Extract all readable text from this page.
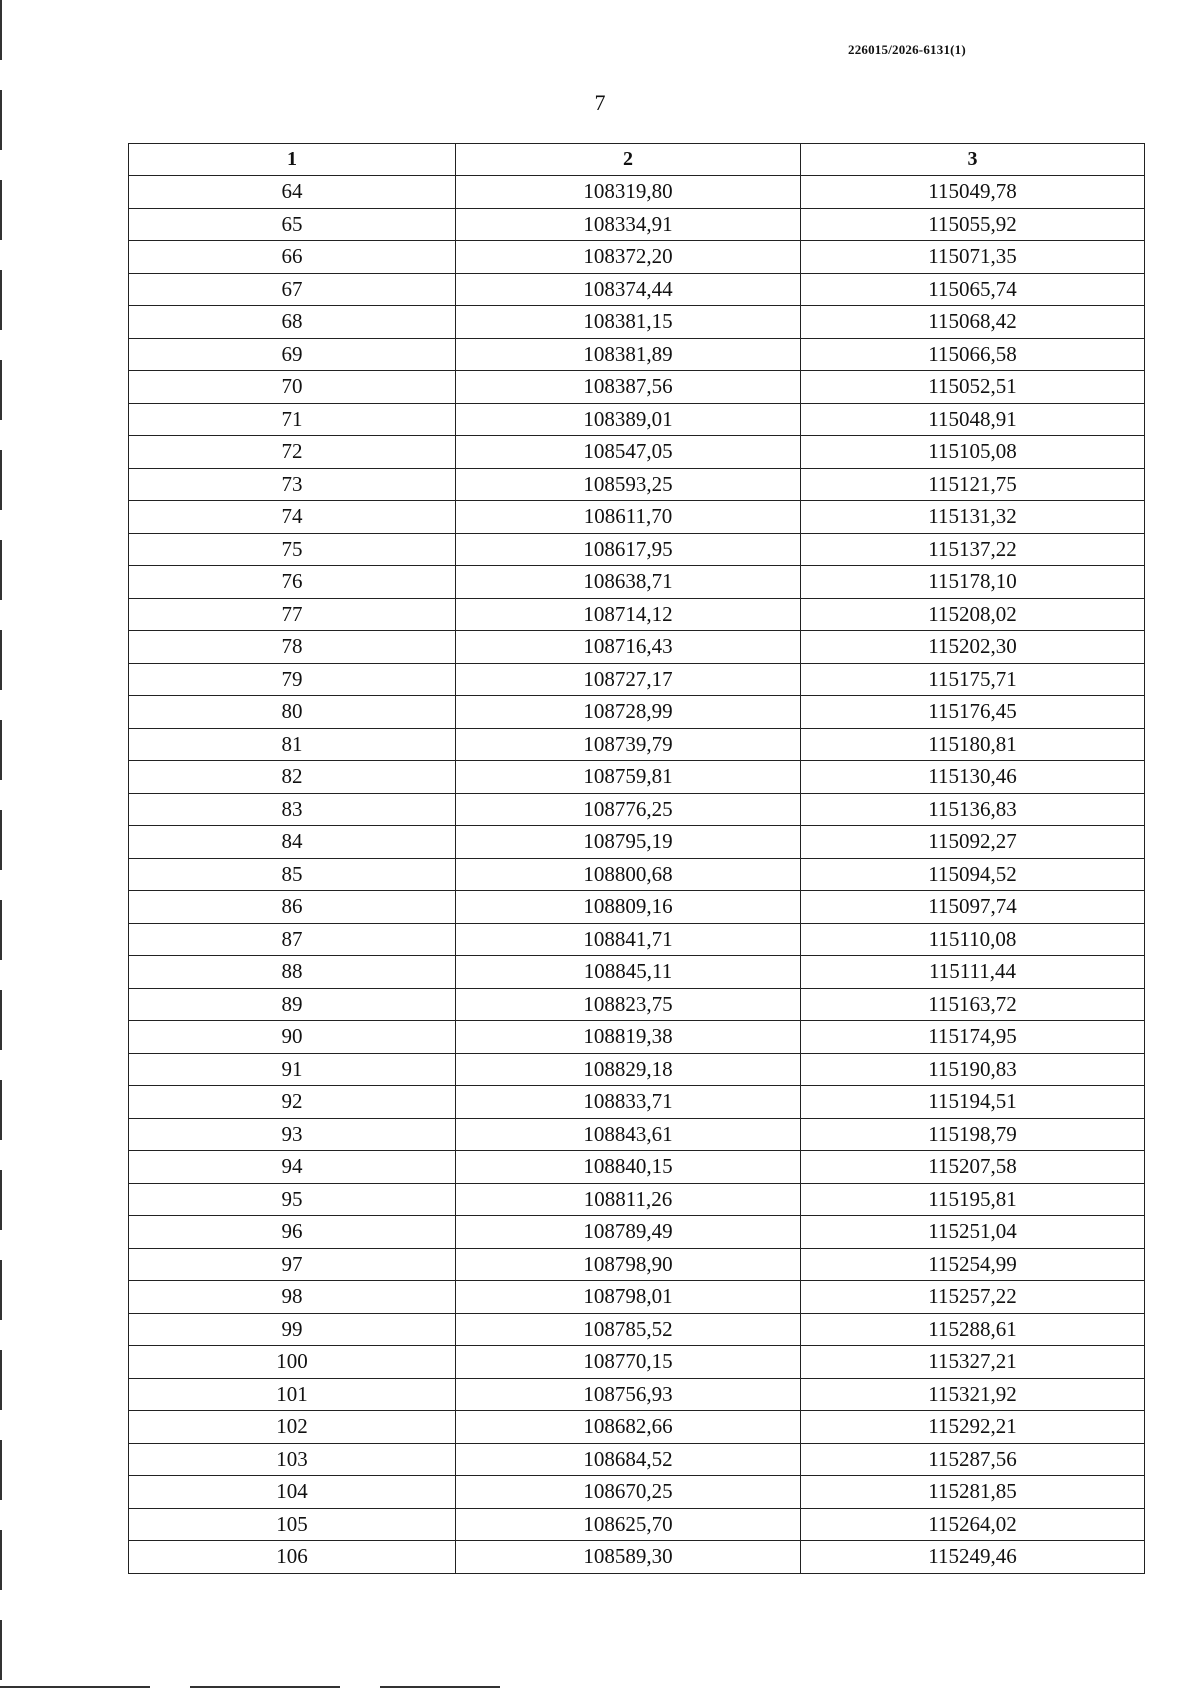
226015/2026-6131(1)
7
1	2	3
64	108319,80	115049,78
65	108334,91	115055,92
66	108372,20	115071,35
67	108374,44	115065,74
68	108381,15	115068,42
69	108381,89	115066,58
70	108387,56	115052,51
71	108389,01	115048,91
72	108547,05	115105,08
73	108593,25	115121,75
74	108611,70	115131,32
75	108617,95	115137,22
76	108638,71	115178,10
77	108714,12	115208,02
78	108716,43	115202,30
79	108727,17	115175,71
80	108728,99	115176,45
81	108739,79	115180,81
82	108759,81	115130,46
83	108776,25	115136,83
84	108795,19	115092,27
85	108800,68	115094,52
86	108809,16	115097,74
87	108841,71	115110,08
88	108845,11	115111,44
89	108823,75	115163,72
90	108819,38	115174,95
91	108829,18	115190,83
92	108833,71	115194,51
93	108843,61	115198,79
94	108840,15	115207,58
95	108811,26	115195,81
96	108789,49	115251,04
97	108798,90	115254,99
98	108798,01	115257,22
99	108785,52	115288,61
100	108770,15	115327,21
101	108756,93	115321,92
102	108682,66	115292,21
103	108684,52	115287,56
104	108670,25	115281,85
105	108625,70	115264,02
106	108589,30	115249,46
